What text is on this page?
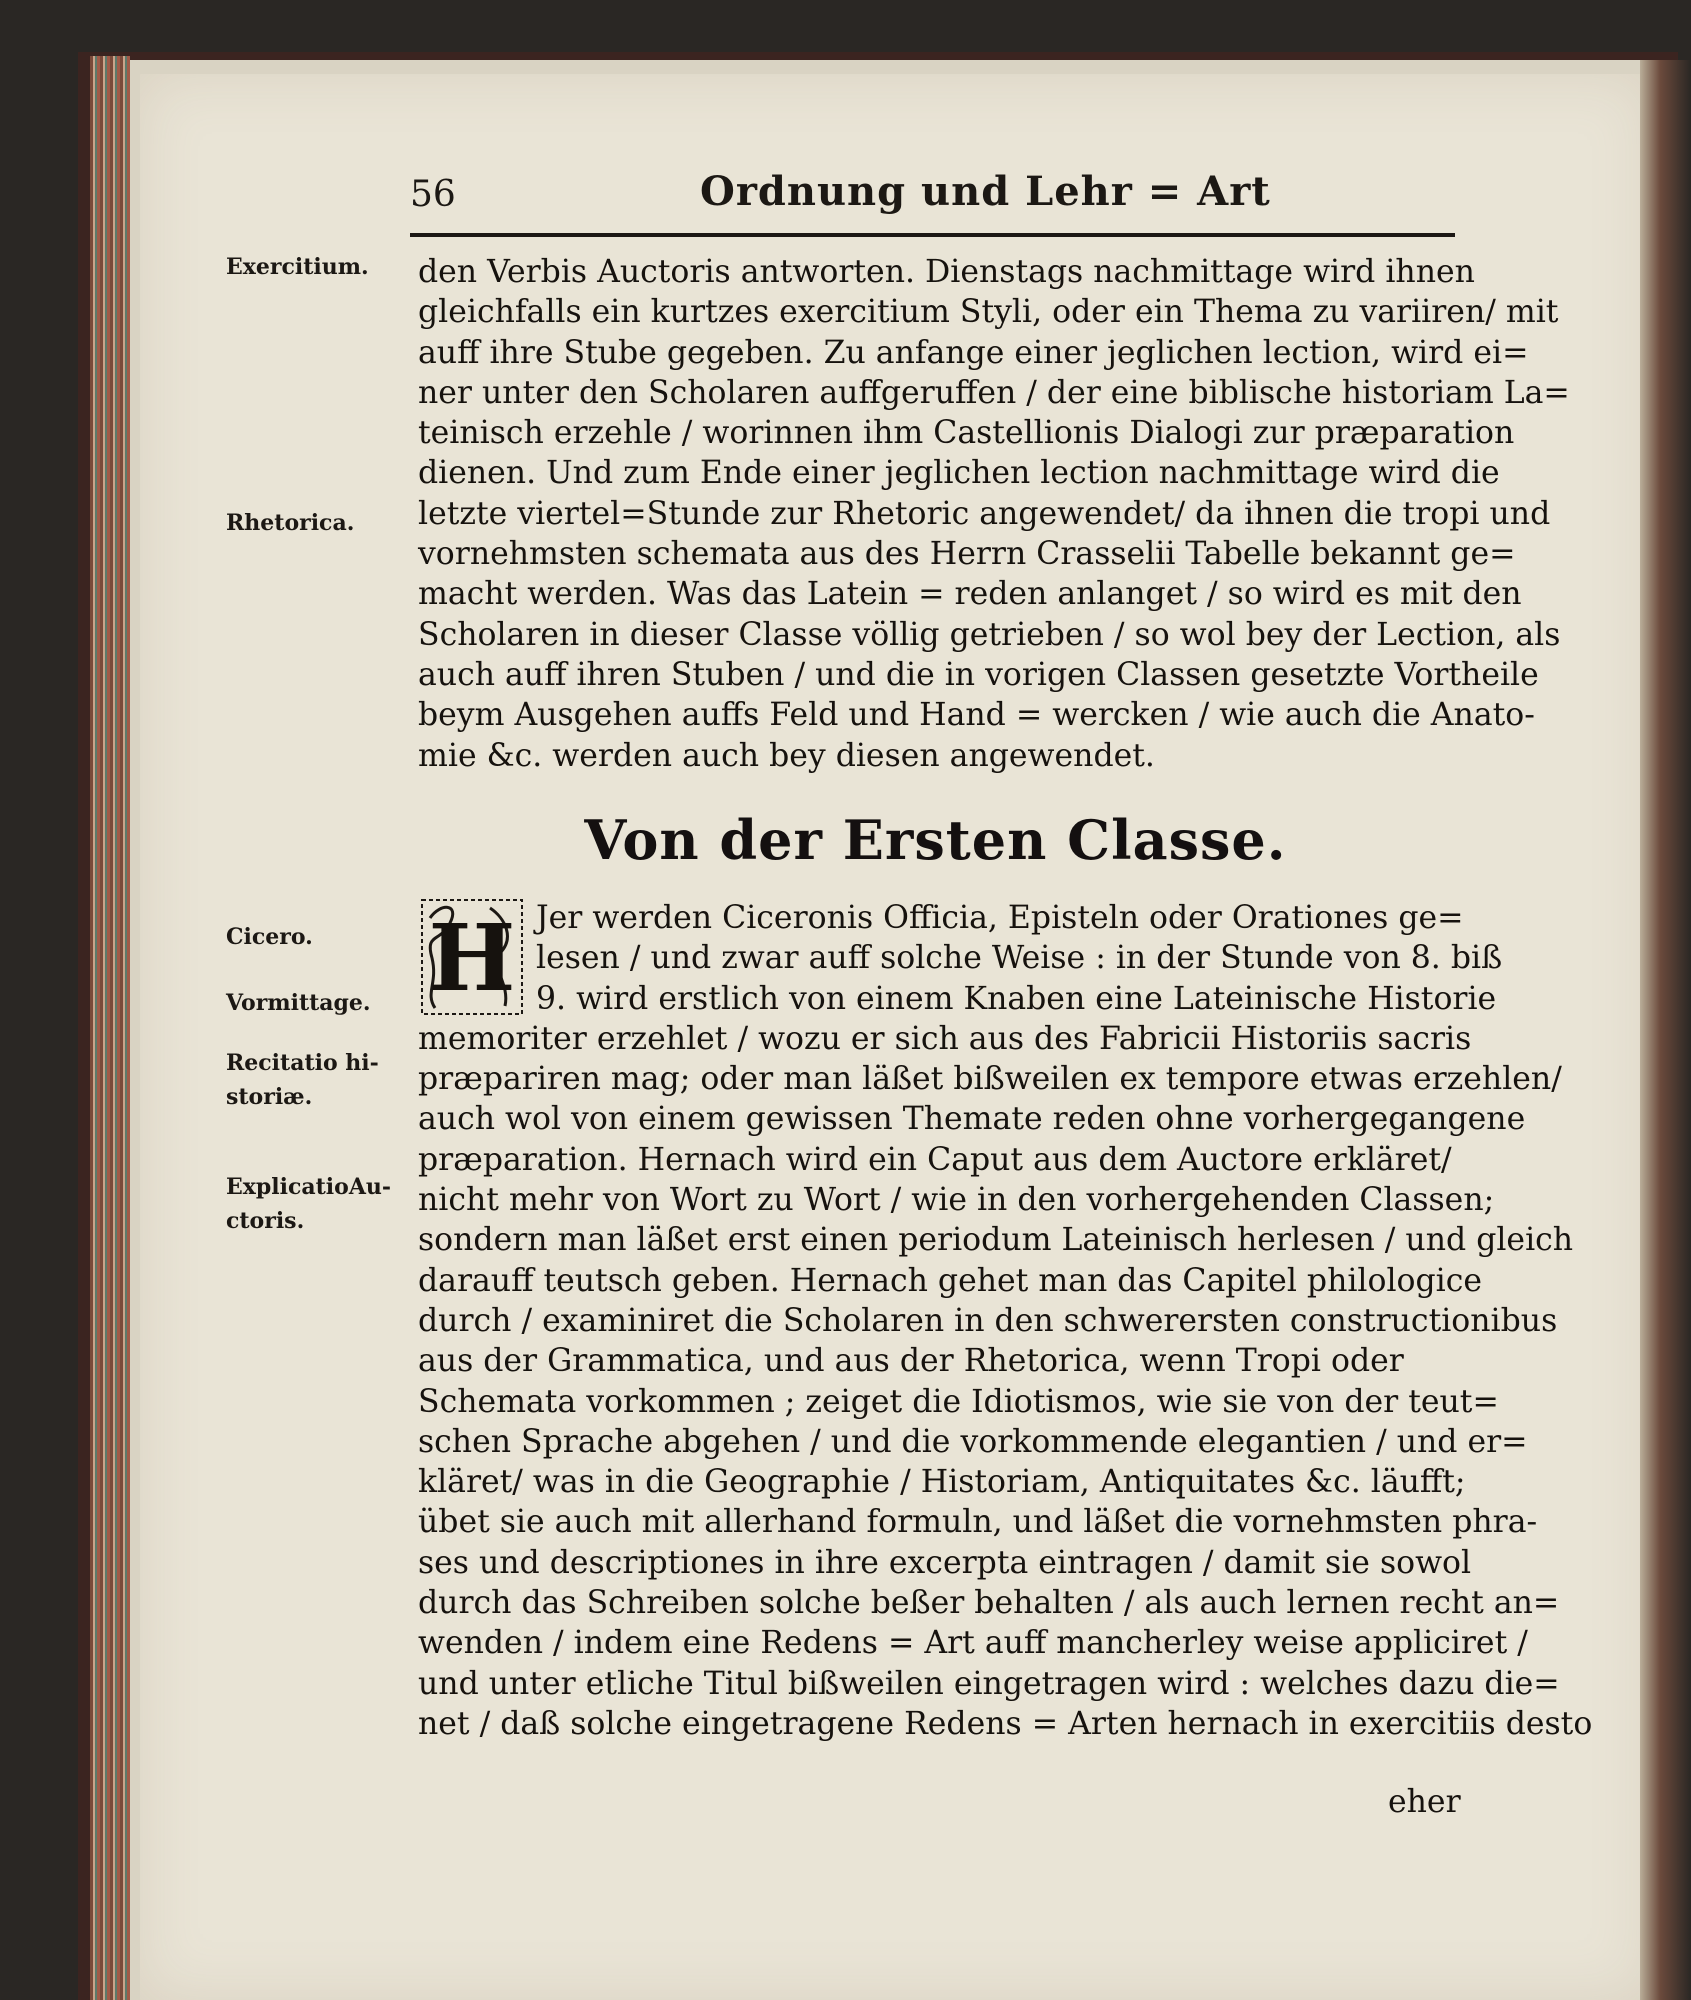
56	Ordnung und Lehr = Art
Exercitium.
Rhetorica.
Cicero.
Vormittage.
Recitatio hi-
storiæ.
ExplicatioAu-
ctoris.
den Verbis Auctoris antworten. Dienstags nachmittage wird ihnen
gleichfalls ein kurtzes exercitium Styli, oder ein Thema zu variiren/ mit
auff ihre Stube gegeben. Zu anfange einer jeglichen lection, wird ei=
ner unter den Scholaren auffgeruffen / der eine biblische historiam La=
teinisch erzehle / worinnen ihm Castellionis Dialogi zur præparation
dienen. Und zum Ende einer jeglichen lection nachmittage wird die
letzte viertel=Stunde zur Rhetoric angewendet/ da ihnen die tropi und
vornehmsten schemata aus des Herrn Crasselii Tabelle bekannt ge=
macht werden. Was das Latein = reden anlanget / so wird es mit den
Scholaren in dieser Classe völlig getrieben / so wol bey der Lection, als
auch auff ihren Stuben / und die in vorigen Classen gesetzte Vortheile
beym Ausgehen auffs Feld und Hand = wercken / wie auch die Anato-
mie &c. werden auch bey diesen angewendet.
Von der Ersten Classe.
H Jer werden Ciceronis Officia, Episteln oder Orationes ge=
lesen / und zwar auff solche Weise : in der Stunde von 8. biß
9. wird erstlich von einem Knaben eine Lateinische Historie
memoriter erzehlet / wozu er sich aus des Fabricii Historiis sacris
præpariren mag; oder man läßet bißweilen ex tempore etwas erzehlen/
auch wol von einem gewissen Themate reden ohne vorhergegangene
præparation. Hernach wird ein Caput aus dem Auctore erkläret/
nicht mehr von Wort zu Wort / wie in den vorhergehenden Classen;
sondern man läßet erst einen periodum Lateinisch herlesen / und gleich
darauff teutsch geben. Hernach gehet man das Capitel philologice
durch / examiniret die Scholaren in den schwerersten constructionibus
aus der Grammatica, und aus der Rhetorica, wenn Tropi oder
Schemata vorkommen ; zeiget die Idiotismos, wie sie von der teut=
schen Sprache abgehen / und die vorkommende elegantien / und er=
kläret/ was in die Geographie / Historiam, Antiquitates &c. läufft;
übet sie auch mit allerhand formuln, und läßet die vornehmsten phra-
ses und descriptiones in ihre excerpta eintragen / damit sie sowol
durch das Schreiben solche beßer behalten / als auch lernen recht an=
wenden / indem eine Redens = Art auff mancherley weise appliciret /
und unter etliche Titul bißweilen eingetragen wird : welches dazu die=
net / daß solche eingetragene Redens = Arten hernach in exercitiis desto
eher
